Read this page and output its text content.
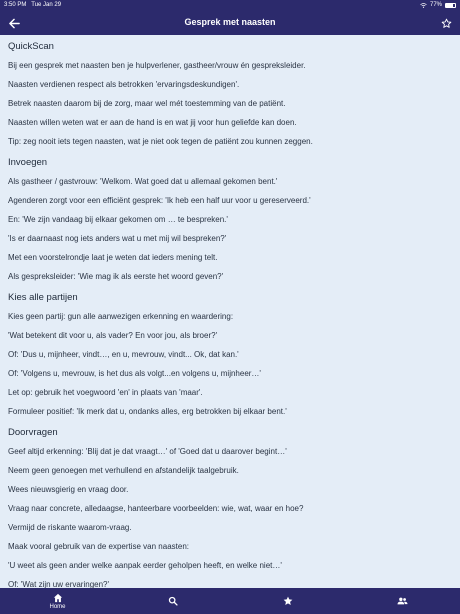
3:50 PM Tue Jan 29	77%
Gesprek met naasten
QuickScan
Bij een gesprek met naasten ben je hulpverlener, gastheer/vrouw én gespreksleider.
Naasten verdienen respect als betrokken 'ervaringsdeskundigen'.
Betrek naasten daarom bij de zorg, maar wel mét toestemming van de patiënt.
Naasten willen weten wat er aan de hand is en wat jij voor hun geliefde kan doen.
Tip: zeg nooit iets tegen naasten, wat je niet ook tegen de patiënt zou kunnen zeggen.
Invoegen
Als gastheer / gastvrouw: 'Welkom. Wat goed dat u allemaal gekomen bent.'
Agenderen zorgt voor een efficiënt gesprek: 'Ik heb een half uur voor u gereserveerd.'
En: 'We zijn vandaag bij elkaar gekomen om … te bespreken.'
'Is er daarnaast nog iets anders wat u met mij wil bespreken?'
Met een voorstelrondje laat je weten dat ieders mening telt.
Als gespreksleider: 'Wie mag ik als eerste het woord geven?'
Kies alle partijen
Kies geen partij: gun alle aanwezigen erkenning en waardering:
'Wat betekent dit voor u, als vader? En voor jou, als broer?'
Of: 'Dus u, mijnheer, vindt…, en u, mevrouw, vindt... Ok, dat kan.'
Of: 'Volgens u, mevrouw, is het dus als volgt...en volgens u, mijnheer…'
Let op: gebruik het voegwoord 'en' in plaats van 'maar'.
Formuleer positief: 'Ik merk dat u, ondanks alles, erg betrokken bij elkaar bent.'
Doorvragen
Geef altijd erkenning: 'Blij dat je dat vraagt…' of 'Goed dat u daarover begint…'
Neem geen genoegen met verhullend en afstandelijk taalgebruik.
Wees nieuwsgierig en vraag door.
Vraag naar concrete, alledaagse, hanteerbare voorbeelden: wie, wat, waar en hoe?
Vermijd de riskante waarom-vraag.
Maak vooral gebruik van de expertise van naasten:
'U weet als geen ander welke aanpak eerder geholpen heeft, en welke niet…'
Of: 'Wat zijn uw ervaringen?'
Home
